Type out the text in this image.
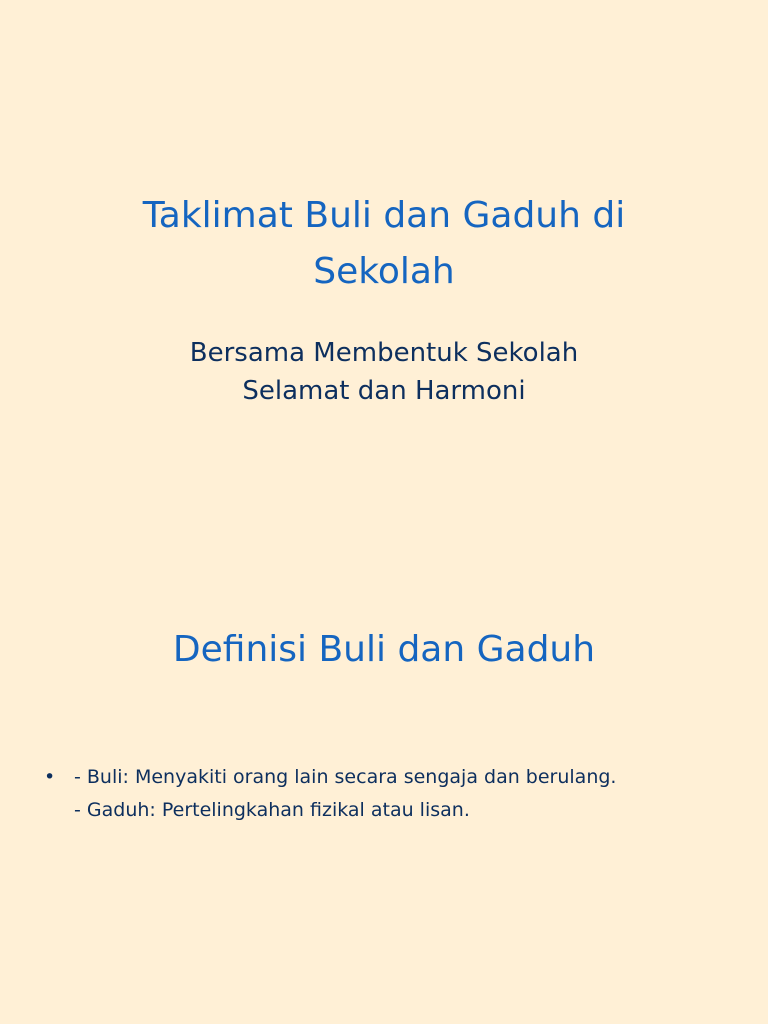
Taklimat Buli dan Gaduh di
Sekolah
Bersama Membentuk Sekolah
Selamat dan Harmoni
Definisi Buli dan Gaduh
• - Buli: Menyakiti orang lain secara sengaja dan berulang.
- Gaduh: Pertelingkahan fizikal atau lisan.
